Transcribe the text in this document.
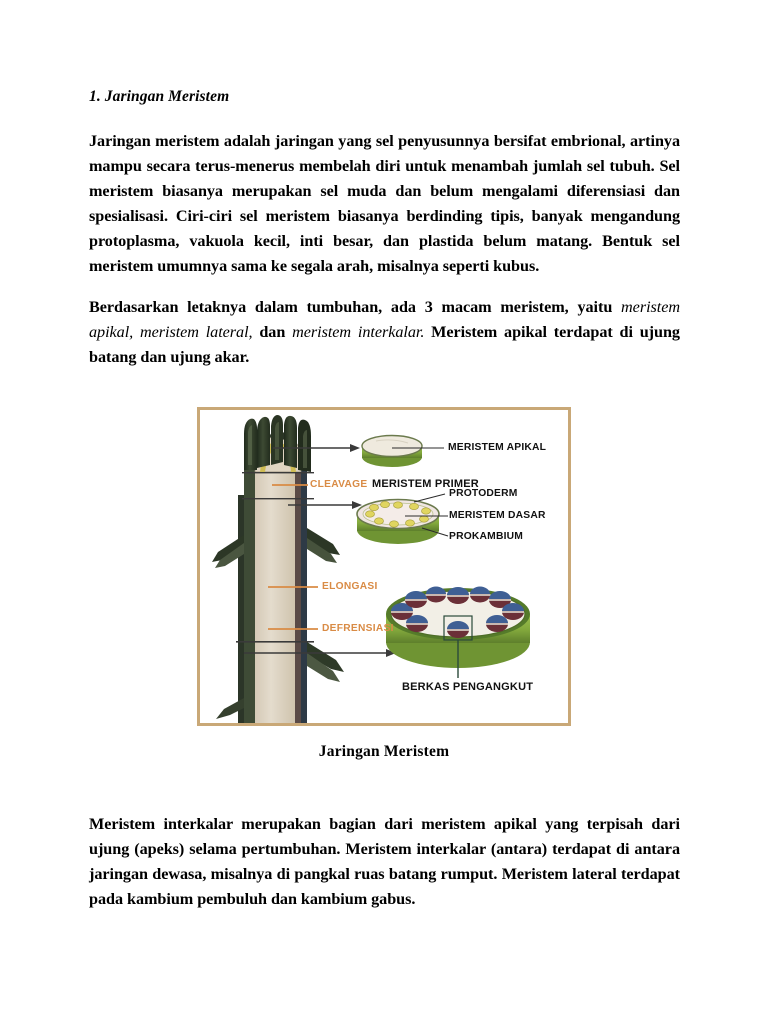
1. Jaringan Meristem

Jaringan meristem adalah jaringan yang sel penyusunnya bersifat embrional, artinya mampu secara terus-menerus membelah diri untuk menambah jumlah sel tubuh. Sel meristem biasanya merupakan sel muda dan belum mengalami diferensiasi dan spesialisasi. Ciri-ciri sel meristem biasanya berdinding tipis, banyak mengandung protoplasma, vakuola kecil, inti besar, dan plastida belum matang. Bentuk sel meristem umumnya sama ke segala arah, misalnya seperti kubus.

Berdasarkan letaknya dalam tumbuhan, ada 3 macam meristem, yaitu meristem apikal, meristem lateral, dan meristem interkalar. Meristem apikal terdapat di ujung batang dan ujung akar.

MERISTEM APIKAL
CLEAVAGE MERISTEM PRIMER
PROTODERM
MERISTEM DASAR
PROKAMBIUM
ELONGASI
DEFRENSIASI
BERKAS PENGANGKUT
Jaringan Meristem

Meristem interkalar merupakan bagian dari meristem apikal yang terpisah dari ujung (apeks) selama pertumbuhan. Meristem interkalar (antara) terdapat di antara jaringan dewasa, misalnya di pangkal ruas batang rumput. Meristem lateral terdapat pada kambium pembuluh dan kambium gabus.
